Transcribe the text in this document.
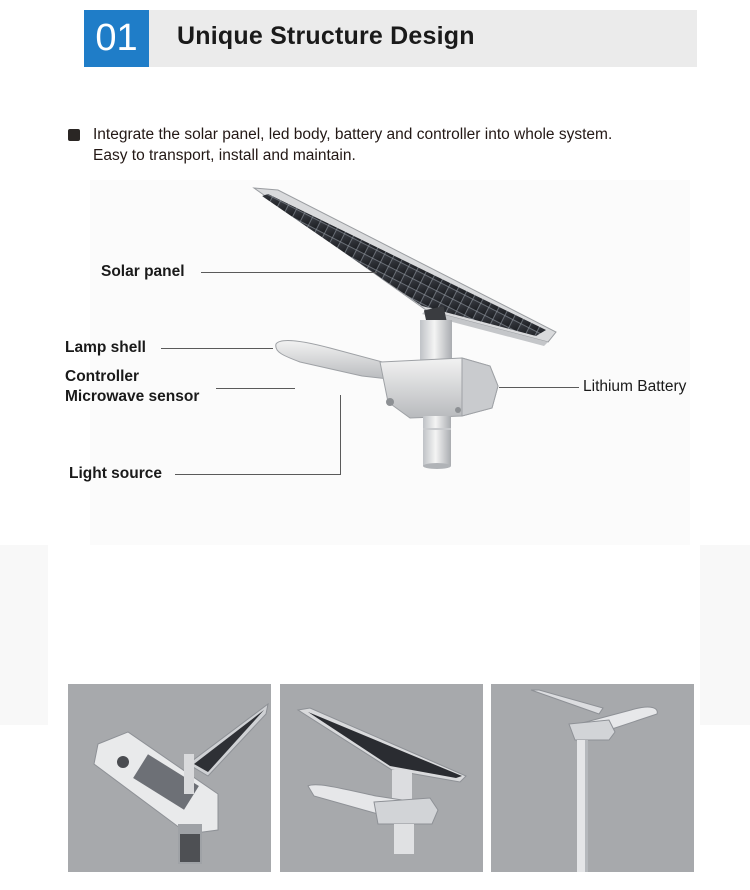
01	Unique Structure Design
Integrate the solar panel, led body, battery and controller into whole system.
Easy to transport, install and maintain.
Solar panel
Lamp shell
Controller
Microwave sensor
Light source
Lithium Battery
